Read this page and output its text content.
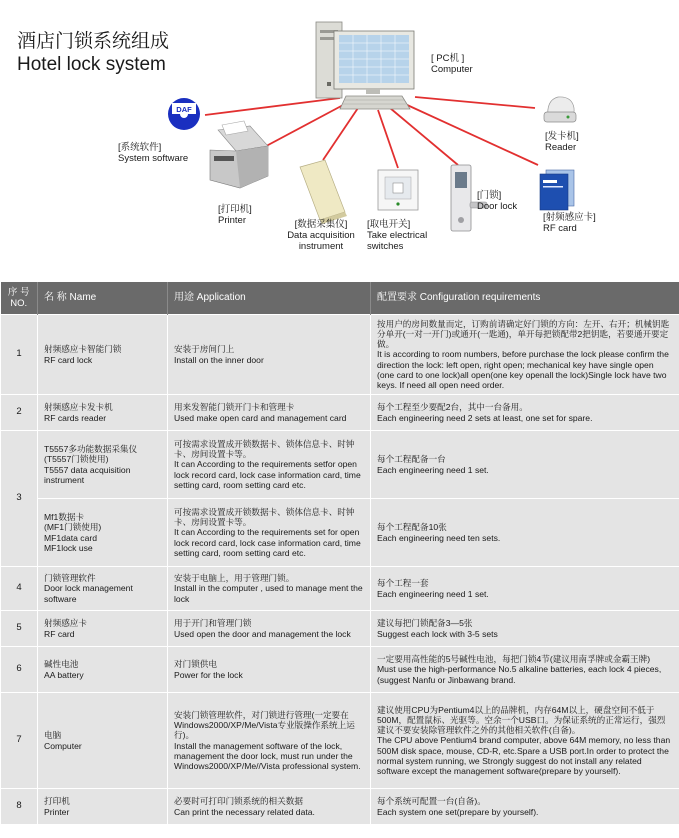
DAF
酒店门锁系统组成
Hotel lock system	[ PC机 ]
Computer
[系统软件]
System software
[打印机]
Printer	[数据采集仪]
Data acquisition
instrument
[取电开关]
Take electrical
switches
[门锁]
Door lock
[射频感应卡]
RF card
[发卡机]
Reader
序 号 NO.	名 称 Name	用途 Application	配置要求 Configuration requirements
1	射频感应卡智能门锁
RF card lock	安装于房间门上
Install on the inner door	按用户的房间数量而定，订购前请确定好门锁的方向：左开、右开；机械钥匙分单开(一对一开门)或通开(一匙通)，单开每把锁配带2把钥匙，若要通开要定做。
It is according to room numbers, before purchase the lock please confirm the direction the lock: left open, right open; mechanical key have single open (one card to one lock)all open(one key openall the lock)Single lock have two keys. If need all open need order.

2	射频感应卡发卡机
RF cards reader	用来发智能门锁开门卡和管理卡
Used make open card and management card	每个工程至少要配2台，其中一台备用。
Each engineering need 2 sets at least, one set for spare.

3	T5557多功能数据采集仪
(T5557门锁使用)
T5557 data acquisition
instrument	可按需求设置成开锁数据卡、锁体信息卡、时钟卡、房间设置卡等。
It can According to the requirements setfor open lock record card, lock case information card, time setting card, room setting card etc.	每个工程配备一台
Each engineering need 1 set.

	Mf1数据卡
(MF1门锁使用)
MF1data card
MF1lock use	可按需求设置成开锁数据卡、锁体信息卡、时钟卡、房间设置卡等。
It can According to the requirements set for open lock record card, lock case information card, time setting card, room setting card etc.	每个工程配备10张
Each engineering need ten sets.

4	门锁管理软件
Door lock management
software	安装于电脑上，用于管理门锁。
Install in the computer , used to manage ment the lock	每个工程一套
Each engineering need 1 set.

5	射频感应卡
RF card	用于开门和管理门锁
Used open the door and management the lock	建议每把门锁配备3—5张
Suggest each lock with 3-5 sets

6	碱性电池
AA battery	对门锁供电
Power for the lock	一定要用高性能的5号碱性电池，每把门锁4节(建议用南孚牌或金霸王牌)
Must use the high-performance No.5 alkaline batteries, each lock 4 pieces, (suggest Nanfu or Jinbawang brand.

7	电脑
Computer	安装门锁管理软件，对门锁进行管理(一定要在Windows2000/XP/Me/Vista专业版操作系统上运行)。
Install the management software of the lock, management the door lock, must run under the Windows2000/XP/Me//Vista professional system.	建议使用CPU为Pentium4以上的品牌机，内存64M以上，硬盘空间不低于500M，配置鼠标、光驱等。空余一个USB口。为保证系统的正常运行，强烈建议不要安装除管理软件之外的其他相关软件(自备)。
The CPU above Pentium4 brand computer, above 64M memory, no less than 500M disk space, mouse, CD-R, etc.Spare a USB port.In order to protect the normal system running, we Strongly suggest do not install any related software except the management software(prepare by yourself).

8	打印机
Printer	必要时可打印门锁系统的相关数据
Can print the necessary related data.	每个系统可配置一台(自备)。
Each system one set(prepare by yourself).
